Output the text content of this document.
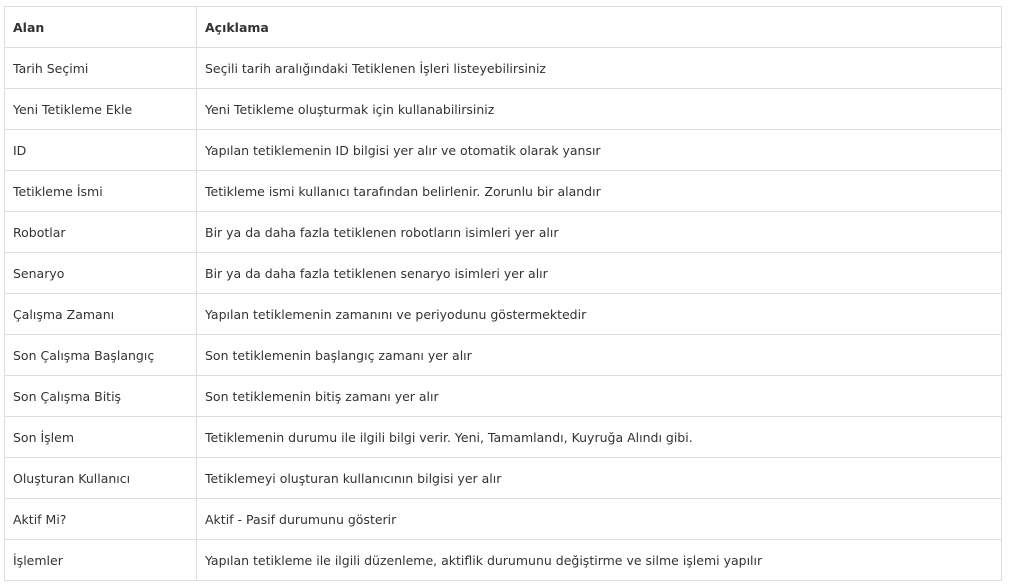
Alan	Açıklama
Tarih Seçimi	Seçili tarih aralığındaki Tetiklenen İşleri listeyebilirsiniz
Yeni Tetikleme Ekle	Yeni Tetikleme oluşturmak için kullanabilirsiniz
ID	Yapılan tetiklemenin ID bilgisi yer alır ve otomatik olarak yansır
Tetikleme İsmi	Tetikleme ismi kullanıcı tarafından belirlenir. Zorunlu bir alandır
Robotlar	Bir ya da daha fazla tetiklenen robotların isimleri yer alır
Senaryo	Bir ya da daha fazla tetiklenen senaryo isimleri yer alır
Çalışma Zamanı	Yapılan tetiklemenin zamanını ve periyodunu göstermektedir
Son Çalışma Başlangıç	Son tetiklemenin başlangıç zamanı yer alır
Son Çalışma Bitiş	Son tetiklemenin bitiş zamanı yer alır
Son İşlem	Tetiklemenin durumu ile ilgili bilgi verir. Yeni, Tamamlandı, Kuyruğa Alındı gibi.
Oluşturan Kullanıcı	Tetiklemeyi oluşturan kullanıcının bilgisi yer alır
Aktif Mi?	Aktif - Pasif durumunu gösterir
İşlemler	Yapılan tetikleme ile ilgili düzenleme, aktiflik durumunu değiştirme ve silme işlemi yapılır
